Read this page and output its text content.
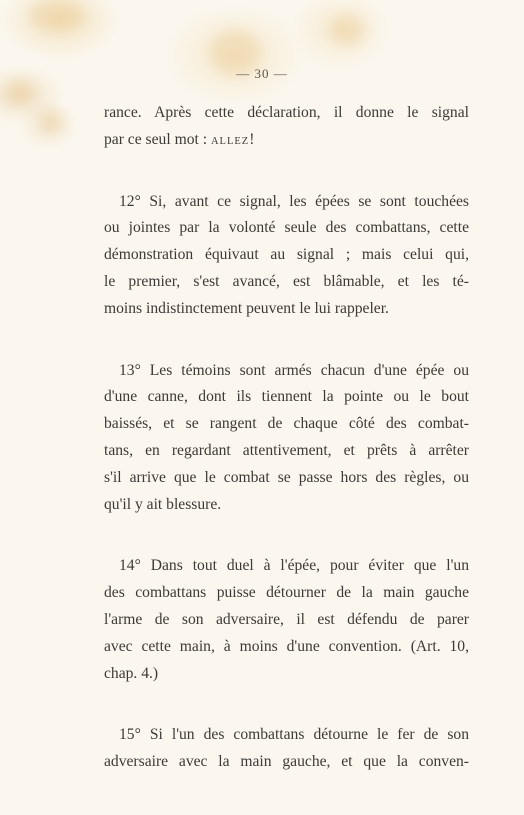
— 30 —
rance. Après cette déclaration, il donne le signal
par ce seul mot : ALLEZ!
12° Si, avant ce signal, les épées se sont touchées
ou jointes par la volonté seule des combattans, cette
démonstration équivaut au signal ; mais celui qui,
le premier, s'est avancé, est blâmable, et les té-
moins indistinctement peuvent le lui rappeler.
13° Les témoins sont armés chacun d'une épée ou
d'une canne, dont ils tiennent la pointe ou le bout
baissés, et se rangent de chaque côté des combat-
tans, en regardant attentivement, et prêts à arrêter
s'il arrive que le combat se passe hors des règles, ou
qu'il y ait blessure.
14° Dans tout duel à l'épée, pour éviter que l'un
des combattans puisse détourner de la main gauche
l'arme de son adversaire, il est défendu de parer
avec cette main, à moins d'une convention. (Art. 10,
chap. 4.)
15° Si l'un des combattans détourne le fer de son
adversaire avec la main gauche, et que la conven-
